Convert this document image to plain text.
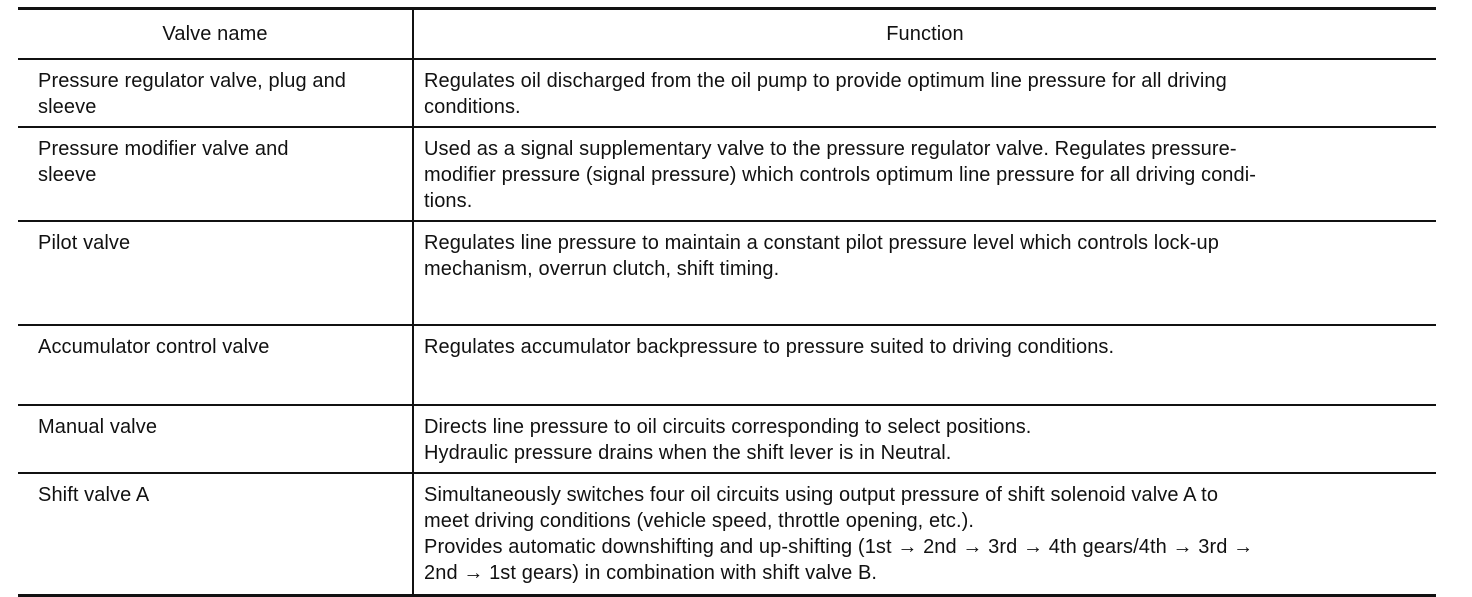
Valve name	Function

Pressure regulator valve, plug and
sleeve	Regulates oil discharged from the oil pump to provide optimum line pressure for all driving
conditions.

Pressure modifier valve and
sleeve	Used as a signal supplementary valve to the pressure regulator valve. Regulates pressure-
modifier pressure (signal pressure) which controls optimum line pressure for all driving condi-
tions.

Pilot valve	Regulates line pressure to maintain a constant pilot pressure level which controls lock-up
mechanism, overrun clutch, shift timing.

Accumulator control valve	Regulates accumulator backpressure to pressure suited to driving conditions.

Manual valve	Directs line pressure to oil circuits corresponding to select positions.
Hydraulic pressure drains when the shift lever is in Neutral.

Shift valve A	Simultaneously switches four oil circuits using output pressure of shift solenoid valve A to
meet driving conditions (vehicle speed, throttle opening, etc.).
Provides automatic downshifting and up-shifting (1st → 2nd → 3rd → 4th gears/4th → 3rd →
2nd → 1st gears) in combination with shift valve B.
